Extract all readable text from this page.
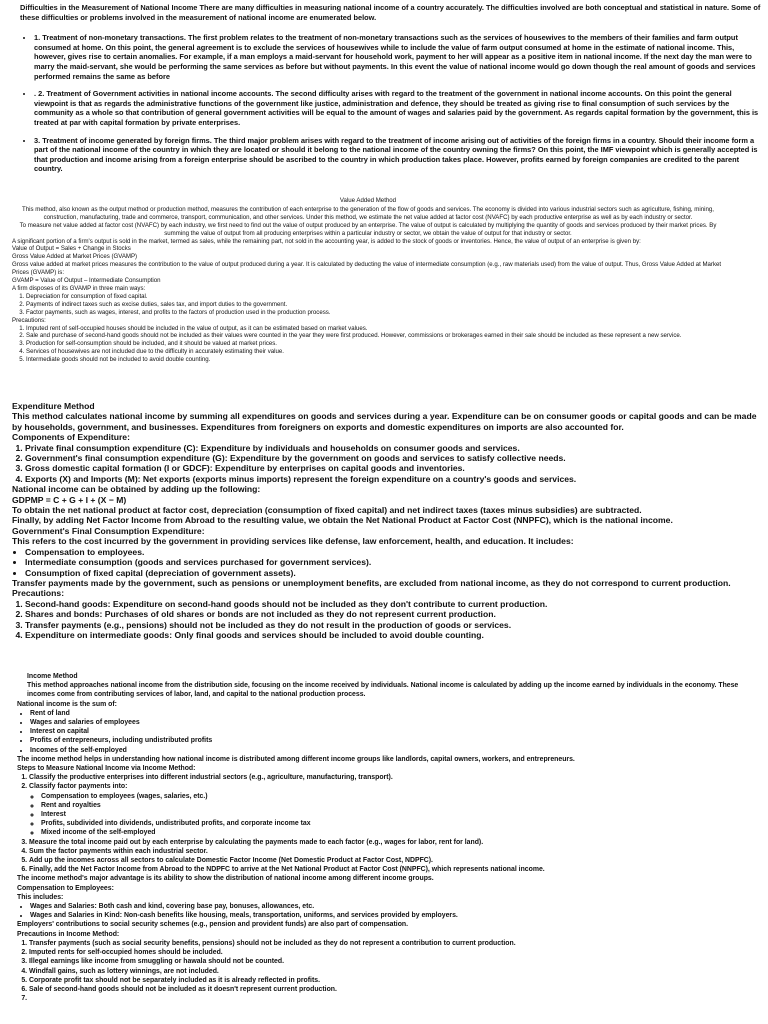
Difficulties in the Measurement of National Income There are many difficulties in measuring national income of a country accurately. The difficulties involved are both conceptual and statistical in nature. Some of these difficulties or problems involved in the measurement of national income are enumerated below.

• 1. Treatment of non-monetary transactions. The first problem relates to the treatment of non-monetary transactions such as the services of housewives to the members of their families and farm output consumed at home. On this point, the general agreement is to exclude the services of housewives while to include the value of farm output consumed at home in the estimate of national income. This, however, gives rise to certain anomalies. For example, if a man employs a maid-servant for household work, payment to her will appear as a positive item in national income. If the next day the man were to marry the maid-servant, she would be performing the same services as before but without payments. In this event the value of national income would go down though the real amount of goods and services performed remains the same as before
• . 2. Treatment of Government activities in national income accounts. The second difficulty arises with regard to the treatment of the government in national income accounts. On this point the general viewpoint is that as regards the administrative functions of the government like justice, administration and defence, they should be treated as giving rise to final consumption of such services by the community as a whole so that contribution of general government activities will be equal to the amount of wages and salaries paid by the government. As regards capital formation by the government, this is treated at par with capital formation by private enterprises.
• 3. Treatment of income generated by foreign firms. The third major problem arises with regard to the treatment of income arising out of activities of the foreign firms in a country. Should their income form a part of the national income of the country in which they are located or should it belong to the national income of the country owning the firms? On this point, the IMF viewpoint which is generally accepted is that production and income arising from a foreign enterprise should be ascribed to the country in which production takes place. However, profits earned by foreign companies are credited to the parent country.

Value Added Method

This method, also known as the output method or production method, measures the contribution of each enterprise to the generation of the flow of goods and services. The economy is divided into various industrial sectors such as agriculture, fishing, mining, construction, manufacturing, trade and commerce, transport, communication, and other services. Under this method, we estimate the net value added at factor cost (NVAFC) by each productive enterprise as well as by each industry or sector.

To measure net value added at factor cost (NVAFC) by each industry, we first need to find out the value of output produced by an enterprise. The value of output is calculated by multiplying the quantity of goods and services produced by their market prices. By summing the value of output from all producing enterprises within a particular industry or sector, we obtain the value of output for that industry or sector.

A significant portion of a firm's output is sold in the market, termed as sales, while the remaining part, not sold in the accounting year, is added to the stock of goods or inventories. Hence, the value of output of an enterprise is given by:

Value of Output = Sales + Change in Stocks

Gross Value Added at Market Prices (GVAMP)

Gross value added at market prices measures the contribution to the value of output produced during a year. It is calculated by deducting the value of intermediate consumption (e.g., raw materials used) from the value of output. Thus, Gross Value Added at Market Prices (GVAMP) is:

GVAMP = Value of Output – Intermediate Consumption

A firm disposes of its GVAMP in three main ways:

1. Depreciation for consumption of fixed capital.
2. Payments of indirect taxes such as excise duties, sales tax, and import duties to the government.
3. Factor payments, such as wages, interest, and profits to the factors of production used in the production process.

Precautions:

1. Imputed rent of self-occupied houses should be included in the value of output, as it can be estimated based on market values.
2. Sale and purchase of second-hand goods should not be included as their values were counted in the year they were first produced. However, commissions or brokerages earned in their sale should be included as these represent a new service.
3. Production for self-consumption should be included, and it should be valued at market prices.
4. Services of housewives are not included due to the difficulty in accurately estimating their value.
5. Intermediate goods should not be included to avoid double counting.

Expenditure Method

This method calculates national income by summing all expenditures on goods and services during a year. Expenditure can be on consumer goods or capital goods and can be made by households, government, and businesses. Expenditures from foreigners on exports and domestic expenditures on imports are also accounted for.

Components of Expenditure:

1. Private final consumption expenditure (C): Expenditure by individuals and households on consumer goods and services.
2. Government's final consumption expenditure (G): Expenditure by the government on goods and services to satisfy collective needs.
3. Gross domestic capital formation (I or GDCF): Expenditure by enterprises on capital goods and inventories.
4. Exports (X) and Imports (M): Net exports (exports minus imports) represent the foreign expenditure on a country's goods and services.

National income can be obtained by adding up the following:

GDPMP = C + G + I + (X − M)

To obtain the net national product at factor cost, depreciation (consumption of fixed capital) and net indirect taxes (taxes minus subsidies) are subtracted.

Finally, by adding Net Factor Income from Abroad to the resulting value, we obtain the Net National Product at Factor Cost (NNPFC), which is the national income.

Government's Final Consumption Expenditure:

This refers to the cost incurred by the government in providing services like defense, law enforcement, health, and education. It includes:

• Compensation to employees.
• Intermediate consumption (goods and services purchased for government services).
• Consumption of fixed capital (depreciation of government assets).

Transfer payments made by the government, such as pensions or unemployment benefits, are excluded from national income, as they do not correspond to current production.

Precautions:

1. Second-hand goods: Expenditure on second-hand goods should not be included as they don't contribute to current production.
2. Shares and bonds: Purchases of old shares or bonds are not included as they do not represent current production.
3. Transfer payments (e.g., pensions) should not be included as they do not result in the production of goods or services.
4. Expenditure on intermediate goods: Only final goods and services should be included to avoid double counting.

Income Method

This method approaches national income from the distribution side, focusing on the income received by individuals. National income is calculated by adding up the income earned by individuals in the economy. These incomes come from contributing services of labor, land, and capital to the national production process.

National income is the sum of:

• Rent of land
• Wages and salaries of employees
• Interest on capital
• Profits of entrepreneurs, including undistributed profits
• Incomes of the self-employed

The income method helps in understanding how national income is distributed among different income groups like landlords, capital owners, workers, and entrepreneurs.

Steps to Measure National Income via Income Method:

1. Classify the productive enterprises into different industrial sectors (e.g., agriculture, manufacturing, transport).
2. Classify factor payments into:
◦ Compensation to employees (wages, salaries, etc.)
◦ Rent and royalties
◦ Interest
◦ Profits, subdivided into dividends, undistributed profits, and corporate income tax
◦ Mixed income of the self-employed
3. Measure the total income paid out by each enterprise by calculating the payments made to each factor (e.g., wages for labor, rent for land).
4. Sum the factor payments within each industrial sector.
5. Add up the incomes across all sectors to calculate Domestic Factor Income (Net Domestic Product at Factor Cost, NDPFC).
6. Finally, add the Net Factor Income from Abroad to the NDPFC to arrive at the Net National Product at Factor Cost (NNPFC), which represents national income.

The income method's major advantage is its ability to show the distribution of national income among different income groups.

Compensation to Employees:

This includes:

• Wages and Salaries: Both cash and kind, covering base pay, bonuses, allowances, etc.
• Wages and Salaries in Kind: Non-cash benefits like housing, meals, transportation, uniforms, and services provided by employers.

Employers' contributions to social security schemes (e.g., pension and provident funds) are also part of compensation.

Precautions in Income Method:

1. Transfer payments (such as social security benefits, pensions) should not be included as they do not represent a contribution to current production.
2. Imputed rents for self-occupied homes should be included.
3. Illegal earnings like income from smuggling or hawala should not be counted.
4. Windfall gains, such as lottery winnings, are not included.
5. Corporate profit tax should not be separately included as it is already reflected in profits.
6. Sale of second-hand goods should not be included as it doesn't represent current production.
7.
